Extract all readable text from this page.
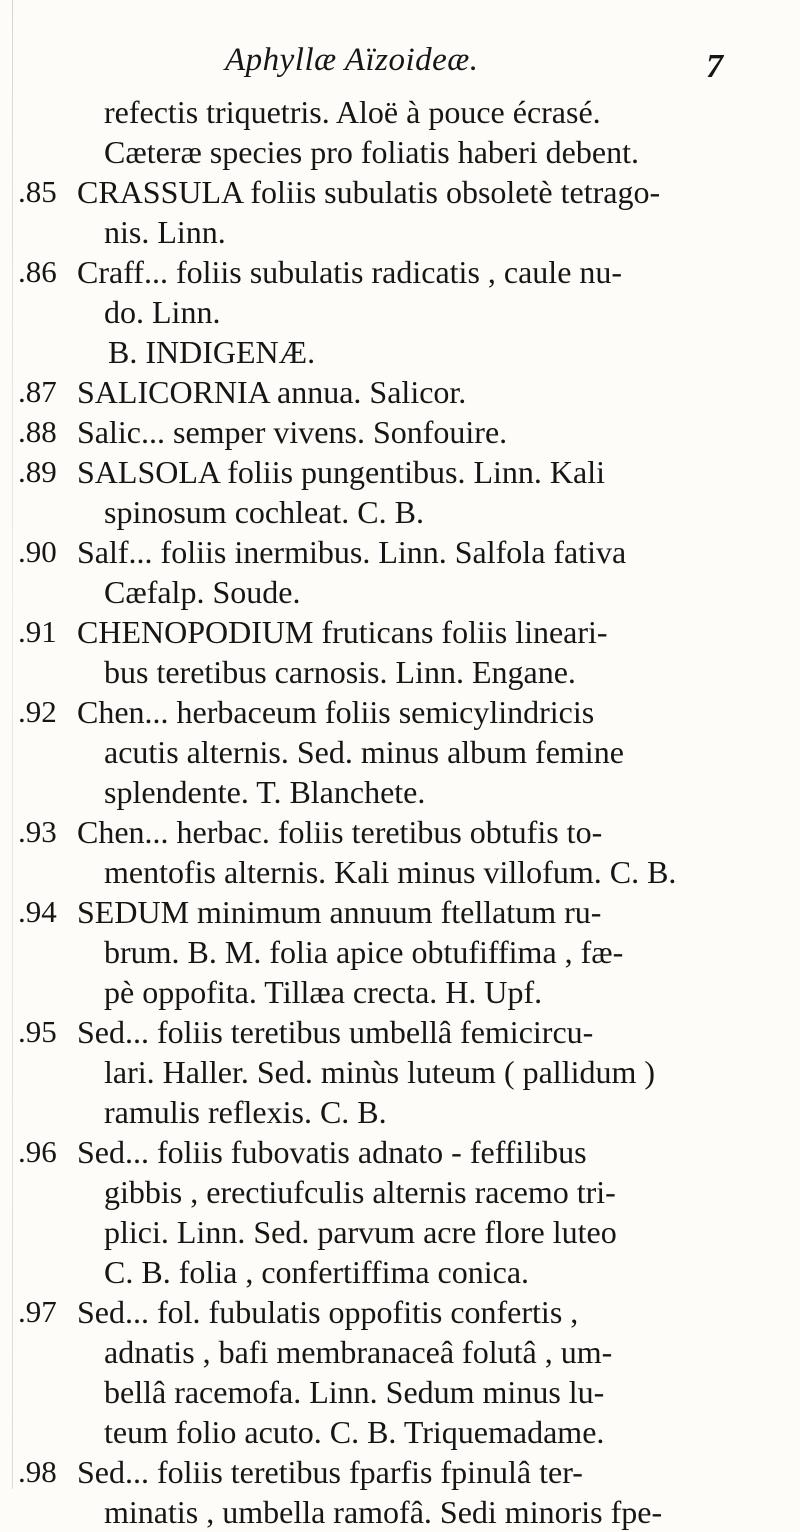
Aphyllæ Aïzoideæ.	7
refectis triquetris. Aloë à pouce écrasé.
Cæteræ species pro foliatis haberi debent.
.85 CRASSULA foliis subulatis obsoletè tetrago-
nis. Linn.
.86 Craff... foliis subulatis radicatis , caule nu-
do. Linn.
B. INDIGENÆ.
.87 SALICORNIA annua. Salicor.
.88 Salic... semper vivens. Sonfouire.
.89 SALSOLA foliis pungentibus. Linn. Kali
spinosum cochleat. C. B.
.90 Salf... foliis inermibus. Linn. Salfola fativa
Cæfalp. Soude.
.91 CHENOPODIUM fruticans foliis lineari-
bus teretibus carnosis. Linn. Engane.
.92 Chen... herbaceum foliis semicylindricis
acutis alternis. Sed. minus album femine
splendente. T. Blanchete.
.93 Chen... herbac. foliis teretibus obtufis to-
mentofis alternis. Kali minus villofum. C. B.
.94 SEDUM minimum annuum ftellatum ru-
brum. B. M. folia apice obtufiffima , fæ-
pè oppofita. Tillæa crecta. H. Upf.
.95 Sed... foliis teretibus umbellâ femicircu-
lari. Haller. Sed. minùs luteum ( pallidum )
ramulis reflexis. C. B.
.96 Sed... foliis fubovatis adnato - feffilibus
gibbis , erectiufculis alternis racemo tri-
plici. Linn. Sed. parvum acre flore luteo
C. B. folia , confertiffima conica.
.97 Sed... fol. fubulatis oppofitis confertis ,
adnatis , bafi membranaceâ folutâ , um-
bellâ racemofa. Linn. Sedum minus lu-
teum folio acuto. C. B. Triquemadame.
.98 Sed... foliis teretibus fparfis fpinulâ ter-
minatis , umbella ramofâ. Sedi minoris fpe-
